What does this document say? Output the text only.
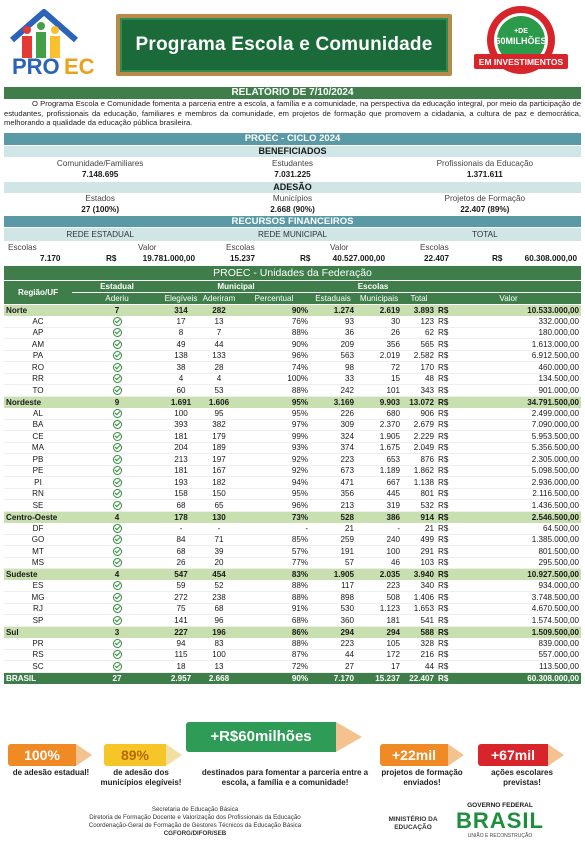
PRO EC
Programa Escola e Comunidade
+DE
60MILHÕES
EM INVESTIMENTOS
RELATÓRIO DE 7/10/2024
O Programa Escola e Comunidade fomenta a parceria entre a escola, a família e a comunidade, na perspectiva da educação integral, por meio da participação de estudantes, profissionais da educação, familiares e membros da comunidade, em projetos de formação que promovem a cidadania, a cultura de paz e democrática, melhorando a qualidade da educação pública brasileira.
PROEC - CICLO 2024
BENEFICIADOS
Comunidade/Familiares	Estudantes	Profissionais da Educação
7.148.695	7.031.225	1.371.611
ADESÃO
Estados	Municípios	Projetos de Formação
27 (100%)	2.668 (90%)	22.407 (89%)
RECURSOS FINANCEIROS
REDE ESTADUAL	REDE MUNICIPAL	TOTAL
Escolas	Valor	Escolas	Valor	Escolas
7.170	R$	19.781.000,00	15.237	R$	40.527.000,00	22.407	R$	60.308.000,00
PROEC - Unidades da Federação
Região/UF	Estadual	Municipal			Escolas				
	Aderiu	Elegíveis	Aderiram	Percentual	Estaduais	Municipais	Total	Valor	
Norte	7	314	282	90%	1.274	2.619	3.893	R$	10.533.000,00
AC		17	13	76%	93	30	123	R$	332.000,00
AP		8	7	88%	36	26	62	R$	180.000,00
AM		49	44	90%	209	356	565	R$	1.613.000,00
PA		138	133	96%	563	2.019	2.582	R$	6.912.500,00
RO		38	28	74%	98	72	170	R$	460.000,00
RR		4	4	100%	33	15	48	R$	134.500,00
TO		60	53	88%	242	101	343	R$	901.000,00
Nordeste	9	1.691	1.606	95%	3.169	9.903	13.072	R$	34.791.500,00
AL		100	95	95%	226	680	906	R$	2.499.000,00
BA		393	382	97%	309	2.370	2.679	R$	7.090.000,00
CE		181	179	99%	324	1.905	2.229	R$	5.953.500,00
MA		204	189	93%	374	1.675	2.049	R$	5.356.500,00
PB		213	197	92%	223	653	876	R$	2.305.000,00
PE		181	167	92%	673	1.189	1.862	R$	5.098.500,00
PI		193	182	94%	471	667	1.138	R$	2.936.000,00
RN		158	150	95%	356	445	801	R$	2.116.500,00
SE		68	65	96%	213	319	532	R$	1.436.500,00
Centro-Oeste	4	178	130	73%	528	386	914	R$	2.546.500,00
DF		-	-	-	21	-	21	R$	64.500,00
GO		84	71	85%	259	240	499	R$	1.385.000,00
MT		68	39	57%	191	100	291	R$	801.500,00
MS		26	20	77%	57	46	103	R$	295.500,00
Sudeste	4	547	454	83%	1.905	2.035	3.940	R$	10.927.500,00
ES		59	52	88%	117	223	340	R$	934.000,00
MG		272	238	88%	898	508	1.406	R$	3.748.500,00
RJ		75	68	91%	530	1.123	1.653	R$	4.670.500,00
SP		141	96	68%	360	181	541	R$	1.574.500,00
Sul	3	227	196	86%	294	294	588	R$	1.509.500,00
PR		94	83	88%	223	105	328	R$	839.000,00
RS		115	100	87%	44	172	216	R$	557.000,00
SC		18	13	72%	27	17	44	R$	113.500,00
BRASIL	27	2.957	2.668	90%	7.170	15.237	22.407	R$	60.308.000,00
100%
de adesão estadual!
89%
de adesão dos municípios elegíveis!
+R$60milhões
destinados para fomentar a parceria entre a escola, a família e a comunidade!
+22mil
projetos de formação enviados!
+67mil
ações escolares previstas!
Secretaria de Educação Básica
Diretoria de Formação Docente e Valorização dos Profissionais da Educação
Coordenação-Geral de Formação de Gestores Técnicos da Educação Básica
CGFORG/DIFOR/SEB
MINISTÉRIO DA EDUCAÇÃO
GOVERNO FEDERAL
BRASIL
UNIÃO E RECONSTRUÇÃO
